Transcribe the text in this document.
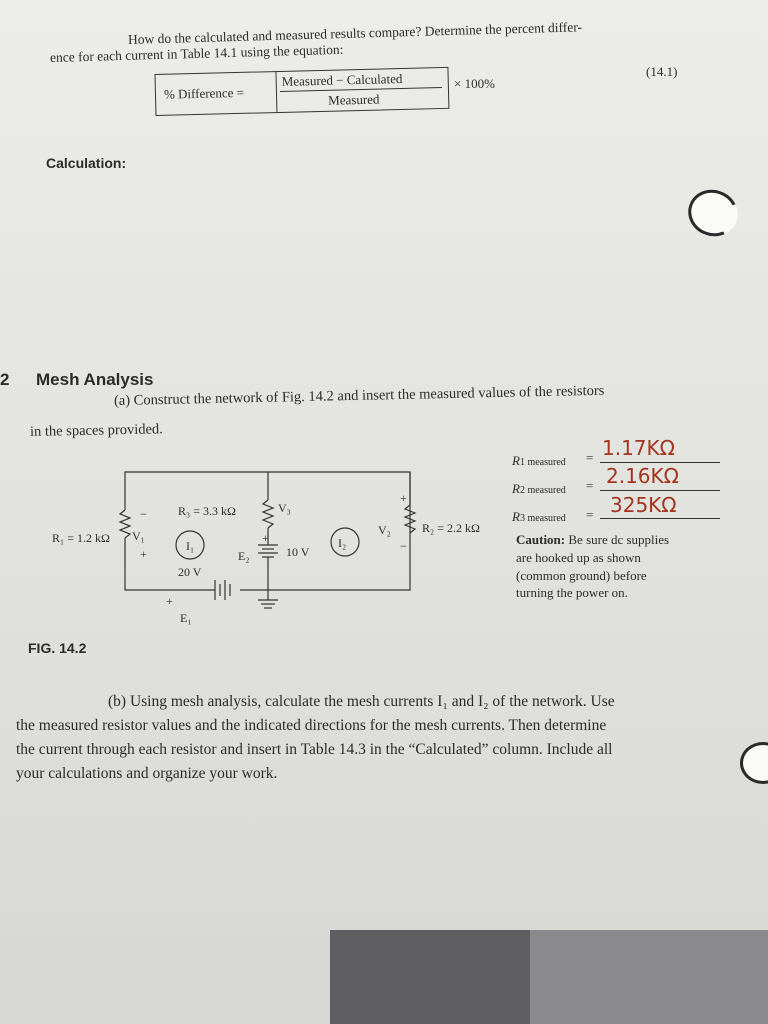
How do the calculated and measured results compare? Determine the percent differ-
ence for each current in Table 14.1 using the equation:
% Difference =
Measured − Calculated
Measured
× 100%
(14.1)
Calculation:
2 Mesh Analysis
(a) Construct the network of Fig. 14.2 and insert the measured values of the resistors
in the spaces provided.
R₁ = 1.2 kΩ V₁
R₃ = 3.3 kΩ	V₃
V₂	R₂ = 2.2 kΩ
I₁	I₂
E₂	10 V
20 V
E₁
+
+
+
−
−
+
R1 measured = 1.17KΩ
R2 measured = 2.16KΩ
R3 measured = 325KΩ
Caution: Be sure dc supplies
are hooked up as shown
(common ground) before
turning the power on.
FIG. 14.2
(b) Using mesh analysis, calculate the mesh currents I₁ and I₂ of the network. Use
the measured resistor values and the indicated directions for the mesh currents. Then determine
the current through each resistor and insert in Table 14.3 in the “Calculated” column. Include all
your calculations and organize your work.
